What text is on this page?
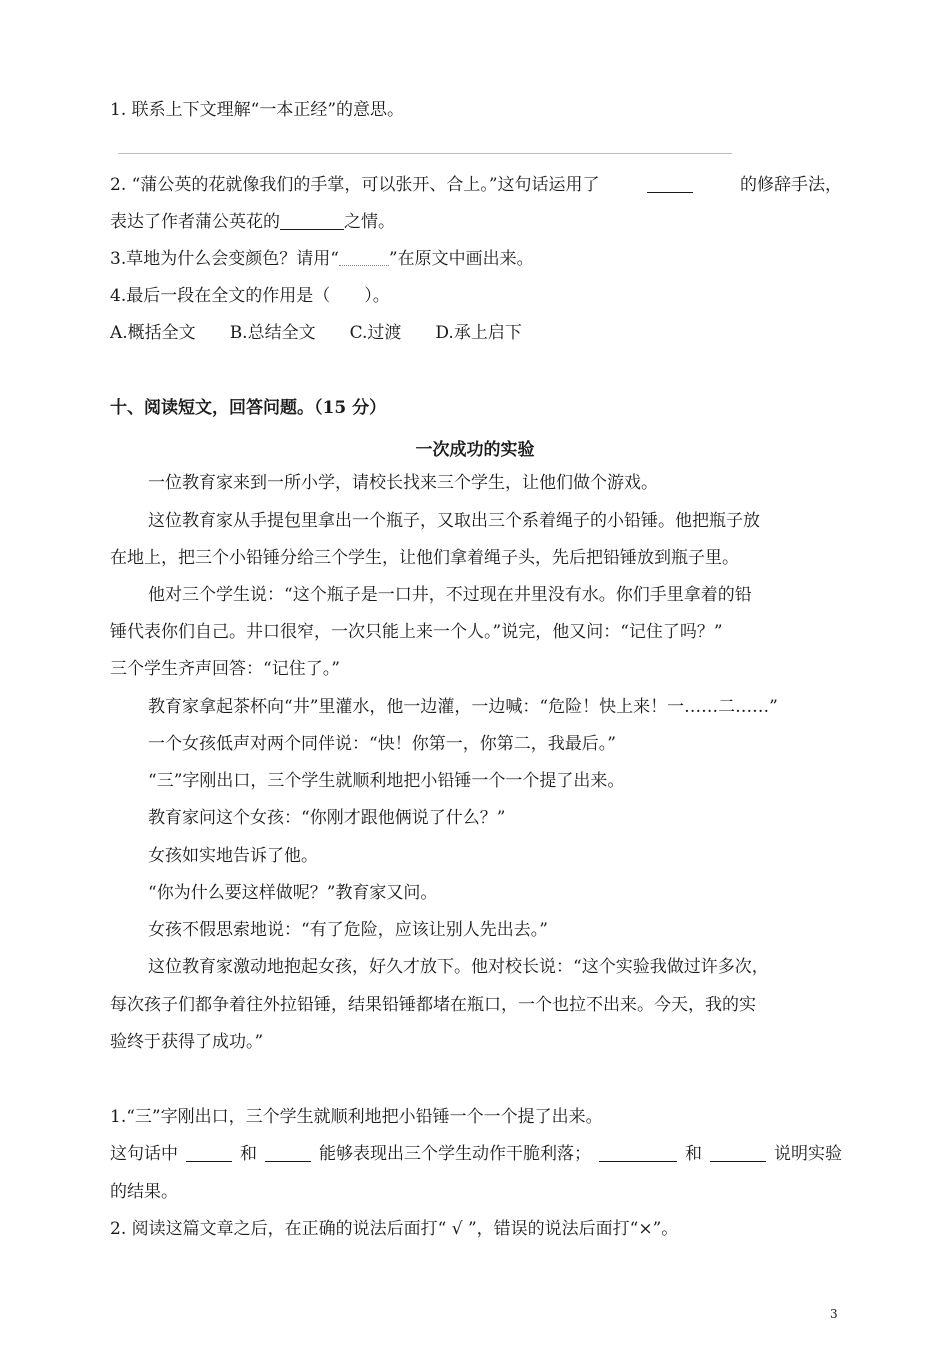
1. 联系上下文理解“一本正经”的意思。
2. “蒲公英的花就像我们的手掌，可以张开、合上。”这句话运用了	的修辞手法，
表达了作者蒲公英花的	之情。
3.草地为什么会变颜色？请用“	”在原文中画出来。
4.最后一段在全文的作用是（　　）。
A.概括全文 B.总结全文 C.过渡 D.承上启下
十、阅读短文，回答问题。（15 分）
一次成功的实验
一位教育家来到一所小学，请校长找来三个学生，让他们做个游戏。
这位教育家从手提包里拿出一个瓶子，又取出三个系着绳子的小铅锤。他把瓶子放
在地上，把三个小铅锤分给三个学生，让他们拿着绳子头，先后把铅锤放到瓶子里。
他对三个学生说：“这个瓶子是一口井，不过现在井里没有水。你们手里拿着的铅
锤代表你们自己。井口很窄，一次只能上来一个人。”说完，他又问：“记住了吗？”
三个学生齐声回答：“记住了。”
教育家拿起茶杯向“井”里灌水，他一边灌，一边喊：“危险！快上来！一……二……”
一个女孩低声对两个同伴说：“快！你第一，你第二，我最后。”
“三”字刚出口，三个学生就顺利地把小铅锤一个一个提了出来。
教育家问这个女孩：“你刚才跟他俩说了什么？”
女孩如实地告诉了他。
“你为什么要这样做呢？”教育家又问。
女孩不假思索地说：“有了危险，应该让别人先出去。”
这位教育家激动地抱起女孩，好久才放下。他对校长说：“这个实验我做过许多次，
每次孩子们都争着往外拉铅锤，结果铅锤都堵在瓶口，一个也拉不出来。今天，我的实
验终于获得了成功。”
1.“三”字刚出口，三个学生就顺利地把小铅锤一个一个提了出来。
这句话中	和	能够表现出三个学生动作干脆利落；	和	说明实验
的结果。
2. 阅读这篇文章之后，在正确的说法后面打“ √ ”，错误的说法后面打“×”。
3
